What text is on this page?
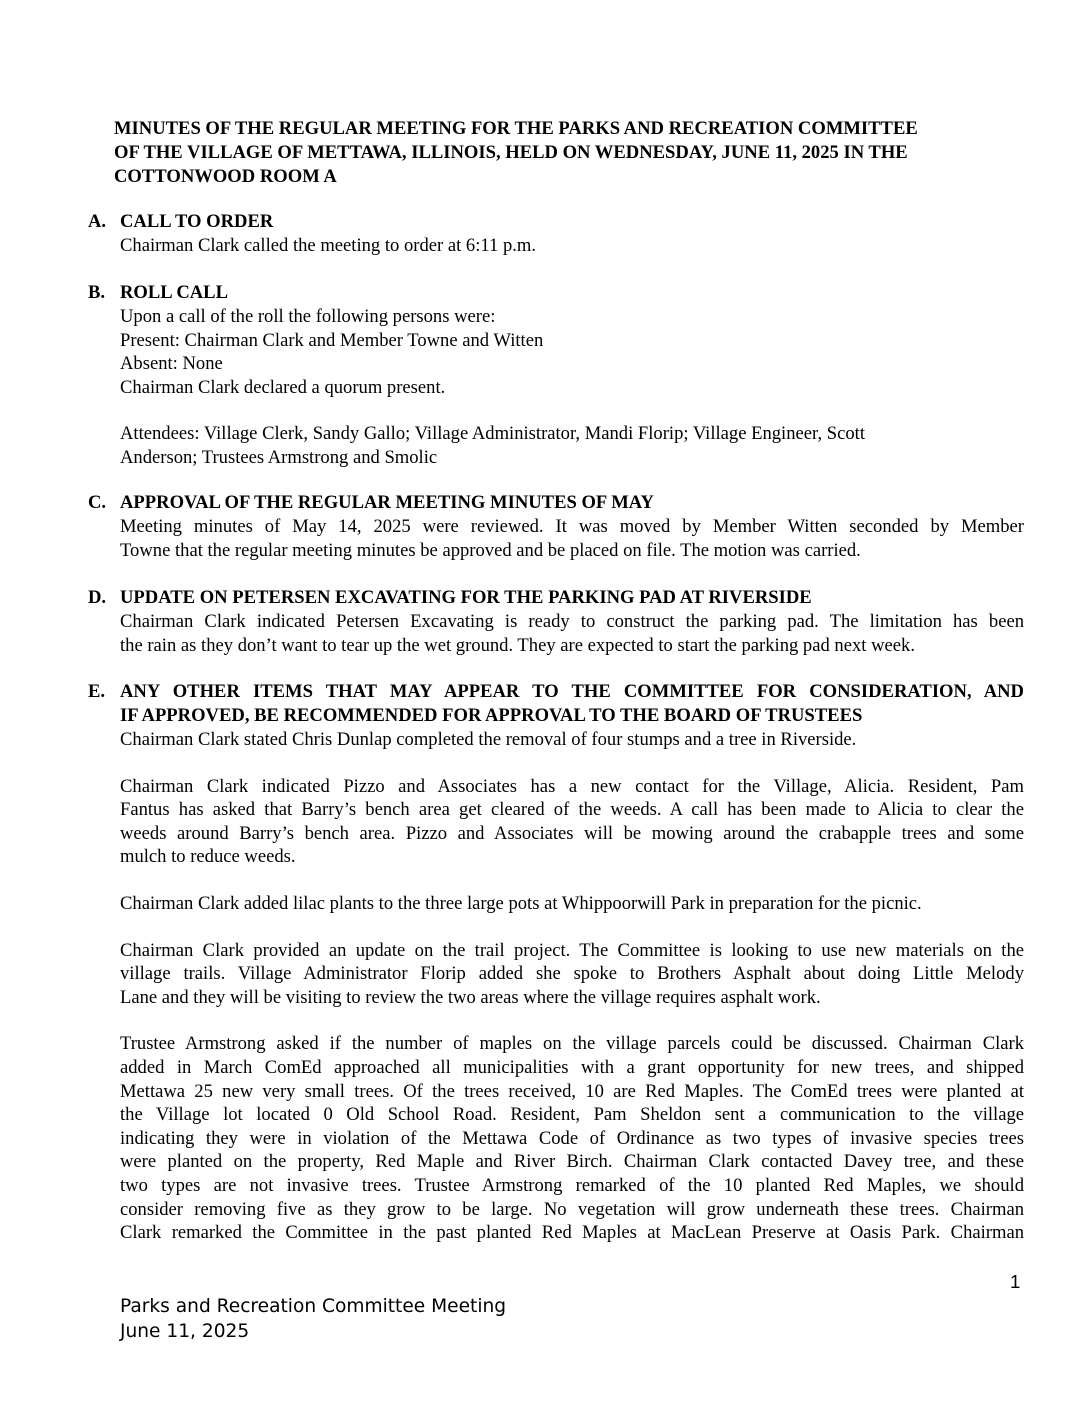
MINUTES OF THE REGULAR MEETING FOR THE PARKS AND RECREATION COMMITTEE
OF THE VILLAGE OF METTAWA, ILLINOIS, HELD ON WEDNESDAY, JUNE 11, 2025 IN THE
COTTONWOOD ROOM A
A. CALL TO ORDER
Chairman Clark called the meeting to order at 6:11 p.m.
B. ROLL CALL
Upon a call of the roll the following persons were:
Present: Chairman Clark and Member Towne and Witten
Absent: None
Chairman Clark declared a quorum present.
Attendees: Village Clerk, Sandy Gallo; Village Administrator, Mandi Florip; Village Engineer, Scott
Anderson; Trustees Armstrong and Smolic
C. APPROVAL OF THE REGULAR MEETING MINUTES OF MAY
Meeting minutes of May 14, 2025 were reviewed. It was moved by Member Witten seconded by Member
Towne that the regular meeting minutes be approved and be placed on file. The motion was carried.
D. UPDATE ON PETERSEN EXCAVATING FOR THE PARKING PAD AT RIVERSIDE
Chairman Clark indicated Petersen Excavating is ready to construct the parking pad. The limitation has been
the rain as they don’t want to tear up the wet ground. They are expected to start the parking pad next week.
E. ANY OTHER ITEMS THAT MAY APPEAR TO THE COMMITTEE FOR CONSIDERATION, AND
IF APPROVED, BE RECOMMENDED FOR APPROVAL TO THE BOARD OF TRUSTEES
Chairman Clark stated Chris Dunlap completed the removal of four stumps and a tree in Riverside.
Chairman Clark indicated Pizzo and Associates has a new contact for the Village, Alicia. Resident, Pam
Fantus has asked that Barry’s bench area get cleared of the weeds. A call has been made to Alicia to clear the
weeds around Barry’s bench area. Pizzo and Associates will be mowing around the crabapple trees and some
mulch to reduce weeds.
Chairman Clark added lilac plants to the three large pots at Whippoorwill Park in preparation for the picnic.
Chairman Clark provided an update on the trail project. The Committee is looking to use new materials on the
village trails. Village Administrator Florip added she spoke to Brothers Asphalt about doing Little Melody
Lane and they will be visiting to review the two areas where the village requires asphalt work.
Trustee Armstrong asked if the number of maples on the village parcels could be discussed. Chairman Clark
added in March ComEd approached all municipalities with a grant opportunity for new trees, and shipped
Mettawa 25 new very small trees. Of the trees received, 10 are Red Maples. The ComEd trees were planted at
the Village lot located 0 Old School Road. Resident, Pam Sheldon sent a communication to the village
indicating they were in violation of the Mettawa Code of Ordinance as two types of invasive species trees
were planted on the property, Red Maple and River Birch. Chairman Clark contacted Davey tree, and these
two types are not invasive trees. Trustee Armstrong remarked of the 10 planted Red Maples, we should
consider removing five as they grow to be large. No vegetation will grow underneath these trees. Chairman
Clark remarked the Committee in the past planted Red Maples at MacLean Preserve at Oasis Park. Chairman
1
Parks and Recreation Committee Meeting
June 11, 2025
